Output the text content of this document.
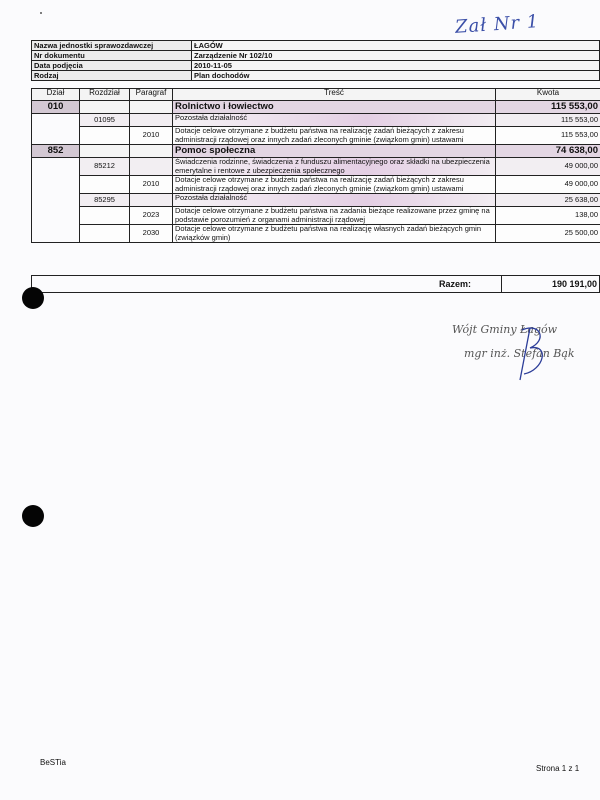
Zał Nr 1
Nazwa jednostki sprawozdawczej	ŁAGÓW
Nr dokumentu	Zarządzenie Nr 102/10
Data podjęcia	2010-11-05
Rodzaj	Plan dochodów
Dział	Rozdział	Paragraf	Treść	Kwota
010			Rolnictwo i łowiectwo	115 553,00
	01095		Pozostała działalność	115 553,00
		2010	Dotacje celowe otrzymane z budżetu państwa na realizację zadań bieżących z zakresu administracji rządowej oraz innych zadań zleconych gminie (związkom gmin) ustawami	115 553,00
852			Pomoc społeczna	74 638,00
	85212		Świadczenia rodzinne, świadczenia z funduszu alimentacyjnego oraz składki na ubezpieczenia emerytalne i rentowe z ubezpieczenia społecznego	49 000,00
		2010	Dotacje celowe otrzymane z budżetu państwa na realizację zadań bieżących z zakresu administracji rządowej oraz innych zadań zleconych gminie (związkom gmin) ustawami	49 000,00
	85295		Pozostała działalność	25 638,00
		2023	Dotacje celowe otrzymane z budżetu państwa na zadania bieżące realizowane przez gminę na podstawie porozumień z organami administracji rządowej	138,00
		2030	Dotacje celowe otrzymane z budżetu państwa na realizację własnych zadań bieżących gmin (związków gmin)	25 500,00
Razem:	190 191,00
Wójt Gminy Łagów
mgr inż. Stefan Bąk
BeSTia
Strona 1 z 1
